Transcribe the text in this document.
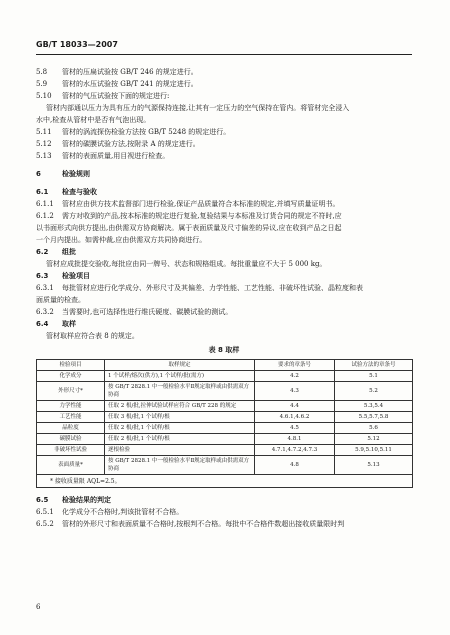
GB/T 18033—2007
5.8 管材的压扁试验按 GB/T 246 的规定进行。
5.9 管材的水压试验按 GB/T 241 的规定进行。
5.10 管材的气压试验按下面的规定进行:
管材内部通以压力为具有压力的气源保持连接,让其有一定压力的空气保持在管内。将管材完全浸入
水中,检查从管材中是否有气泡出现。
5.11 管材的涡流探伤检验方法按 GB/T 5248 的规定进行。
5.12 管材的碳膜试验方法,按附录 A 的规定进行。
5.13 管材的表面质量,用目视进行检查。
6	检验规则
6.1 检查与验收
6.1.1 管材应由供方技术监督部门进行检验,保证产品质量符合本标准的规定,并填写质量证明书。
6.1.2 需方对收到的产品,按本标准的规定进行复验,复验结果与本标准及订货合同的规定不符时,应
以书面形式向供方提出,由供需双方协商解决。属于表面质量及尺寸偏差的异议,应在收到产品之日起
一个月内提出。如需仲裁,应由供需双方共同协商进行。
6.2 组批
管材应成批提交验收,每批应由同一牌号、状态和规格组成。每批重量应不大于 5 000 kg。
6.3 检验项目
6.3.1 每批管材应进行化学成分、外形尺寸及其偏差、力学性能、工艺性能、非破坏性试验、晶粒度和表
面质量的检查。
6.3.2 当需要时,也可选择性进行维氏硬度、碳膜试验的测试。
6.4 取样
管材取样应符合表 8 的规定。
表 8 取样
检验项目	取样规定	要求的章条号	试验方法的章条号
化学成分	1 个试样/熔次(供方),1 个试样/批(需方)	4.2	5.1
外形尺寸*	按 GB/T 2828.1 中一般检验水平Ⅱ规定取样或由供需双方协商	4.3	5.2
力学性能	任取 2 根/批,拉伸试验试样应符合 GB/T 228 的规定	4.4	5.3,5.4
工艺性能	任取 3 根/批,1 个试样/根	4.6.1,4.6.2	5.5,5.7,5.8
晶粒度	任取 2 根/批,1 个试样/根	4.5	5.6
碳膜试验	任取 2 根/批,1 个试样/根	4.8.1	5.12
非破坏性试验	逐根检验	4.7.1,4.7.2,4.7.3	5.9,5.10,5.11
表面质量*	按 GB/T 2828.1 中一般检验水平Ⅱ规定取样或由供需双方协商	4.8	5.13

* 接收质量限 AQL=2.5。			
6.5 检验结果的判定
6.5.1 化学成分不合格时,判该批管材不合格。
6.5.2 管材的外形尺寸和表面质量不合格时,按根判不合格。每批中不合格件数超出接收质量限时判
6
